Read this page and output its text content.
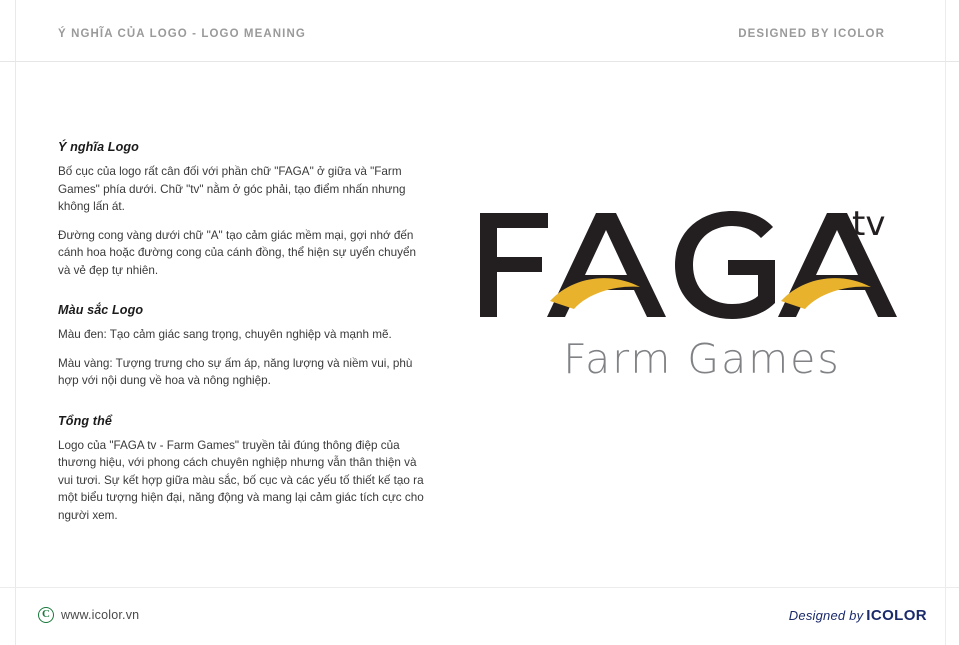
Ý NGHĨA CỦA LOGO - LOGO MEANING	DESIGNED BY ICOLOR
Ý nghĩa Logo

Bố cục của logo rất cân đối với phần chữ "FAGA" ở giữa và "Farm Games" phía dưới. Chữ "tv" nằm ở góc phải, tạo điểm nhấn nhưng không lấn át.

Đường cong vàng dưới chữ "A" tạo cảm giác mềm mại, gợi nhớ đến cánh hoa hoặc đường cong của cánh đồng, thể hiện sự uyển chuyển và vẻ đẹp tự nhiên.

Màu sắc Logo

Màu đen: Tạo cảm giác sang trọng, chuyên nghiệp và mạnh mẽ.

Màu vàng: Tượng trưng cho sự ấm áp, năng lượng và niềm vui, phù hợp với nội dung về hoa và nông nghiệp.

Tổng thể

Logo của "FAGA tv - Farm Games" truyền tải đúng thông điệp của thương hiệu, với phong cách chuyên nghiệp nhưng vẫn thân thiện và vui tươi. Sự kết hợp giữa màu sắc, bố cục và các yếu tố thiết kế tạo ra một biểu tượng hiện đại, năng động và mang lại cảm giác tích cực cho người xem.

tv
Farm Games
C www.icolor.vn	Designed by ICOLOR
